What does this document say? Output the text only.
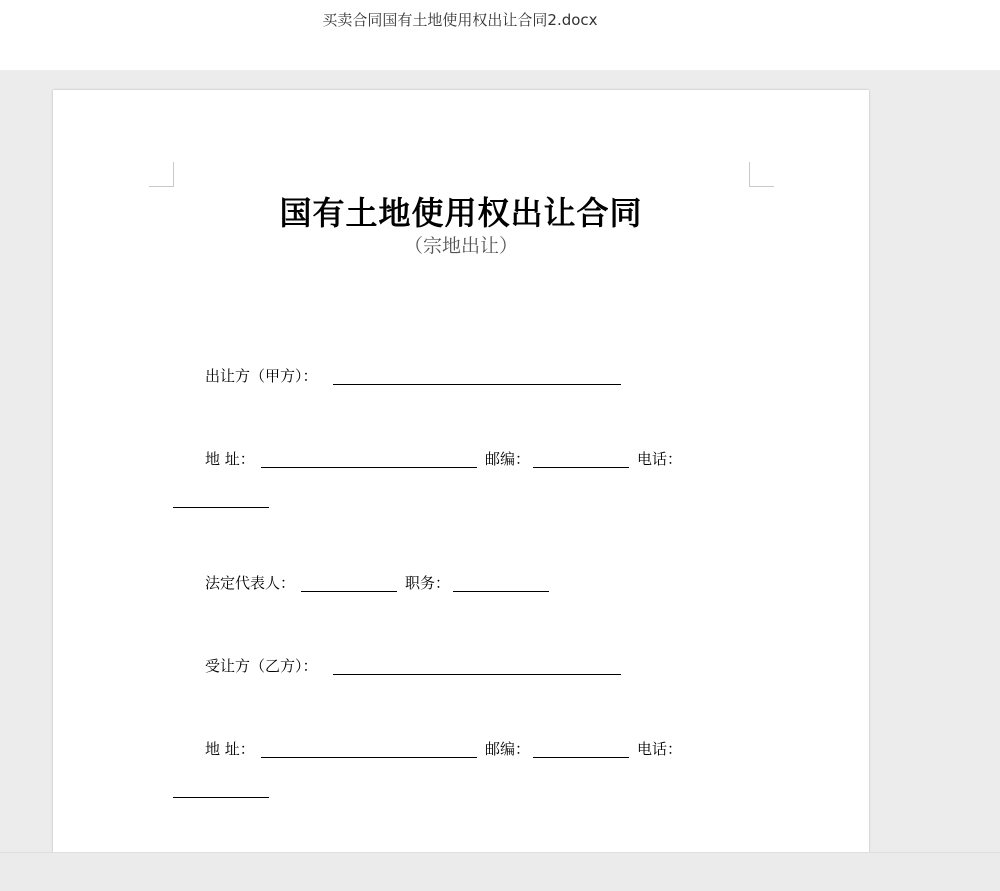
买卖合同国有土地使用权出让合同2.docx
国有土地使用权出让合同
（宗地出让）
出让方（甲方）：
地 址：	邮编：	电话：
法定代表人：	职务：
受让方（乙方）：
地 址：	邮编：	电话：
